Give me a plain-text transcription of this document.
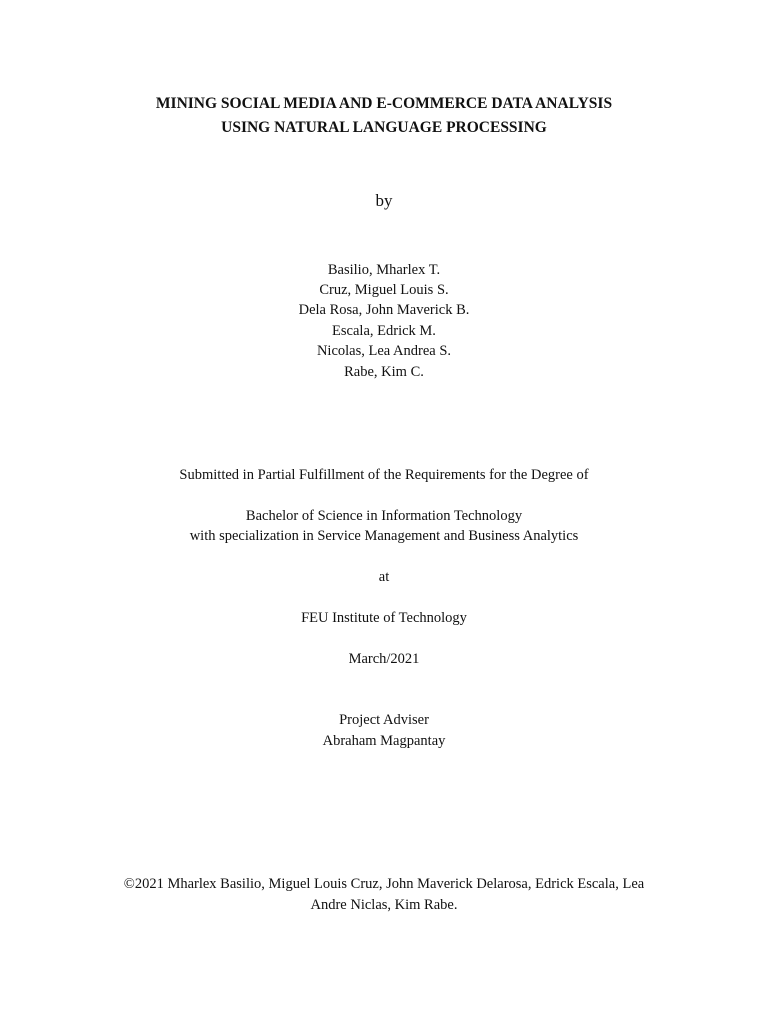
MINING SOCIAL MEDIA AND E-COMMERCE DATA ANALYSIS
USING NATURAL LANGUAGE PROCESSING
by
Basilio, Mharlex T.
Cruz, Miguel Louis S.
Dela Rosa, John Maverick B.
Escala, Edrick M.
Nicolas, Lea Andrea S.
Rabe, Kim C.
Submitted in Partial Fulfillment of the Requirements for the Degree of
Bachelor of Science in Information Technology
with specialization in Service Management and Business Analytics
at
FEU Institute of Technology
March/2021
Project Adviser
Abraham Magpantay
©2021 Mharlex Basilio, Miguel Louis Cruz, John Maverick Delarosa, Edrick Escala, Lea
Andre Niclas, Kim Rabe.
